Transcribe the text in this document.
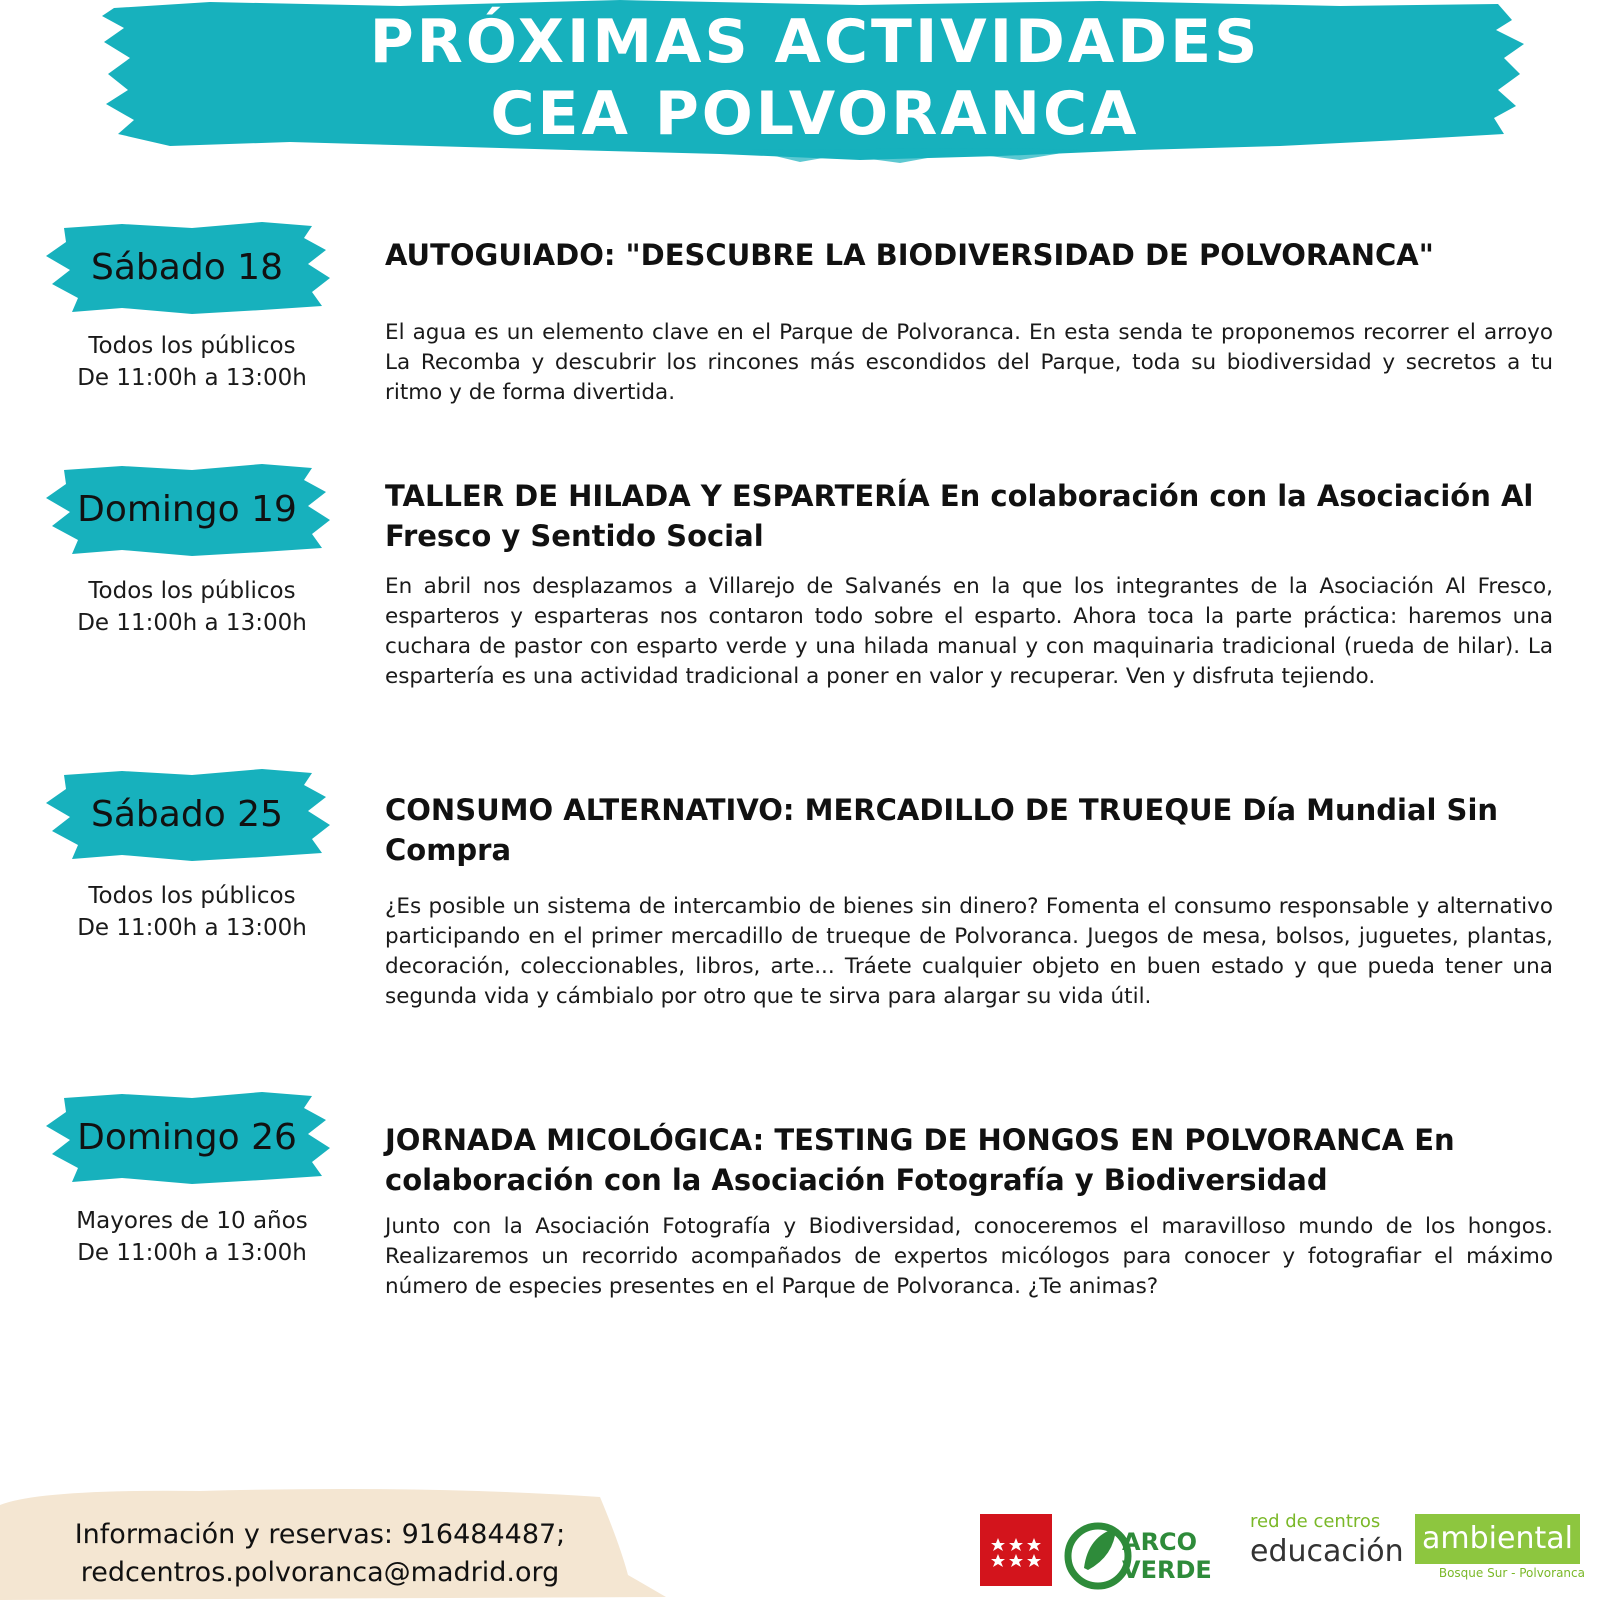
PRÓXIMAS ACTIVIDADES
CEA POLVORANCA
Sábado 18
Todos los públicos
De 11:00h a 13:00h
AUTOGUIADO: "DESCUBRE LA BIODIVERSIDAD DE POLVORANCA"

El agua es un elemento clave en el Parque de Polvoranca. En esta senda te proponemos recorrer el arroyo La Recomba y descubrir los rincones más escondidos del Parque, toda su biodiversidad y secretos a tu ritmo y de forma divertida.

Domingo 19
Todos los públicos
De 11:00h a 13:00h
TALLER DE HILADA Y ESPARTERÍA En colaboración con la Asociación Al Fresco y Sentido Social

En abril nos desplazamos a Villarejo de Salvanés en la que los integrantes de la Asociación Al Fresco, esparteros y esparteras nos contaron todo sobre el esparto. Ahora toca la parte práctica: haremos una cuchara de pastor con esparto verde y una hilada manual y con maquinaria tradicional (rueda de hilar). La espartería es una actividad tradicional a poner en valor y recuperar. Ven y disfruta tejiendo.

Sábado 25
Todos los públicos
De 11:00h a 13:00h
CONSUMO ALTERNATIVO: MERCADILLO DE TRUEQUE Día Mundial Sin Compra

¿Es posible un sistema de intercambio de bienes sin dinero? Fomenta el consumo responsable y alternativo participando en el primer mercadillo de trueque de Polvoranca. Juegos de mesa, bolsos, juguetes, plantas, decoración, coleccionables, libros, arte... Tráete cualquier objeto en buen estado y que pueda tener una segunda vida y cámbialo por otro que te sirva para alargar su vida útil.

Domingo 26
Mayores de 10 años
De 11:00h a 13:00h
JORNADA MICOLÓGICA: TESTING DE HONGOS EN POLVORANCA En colaboración con la Asociación Fotografía y Biodiversidad

Junto con la Asociación Fotografía y Biodiversidad, conoceremos el maravilloso mundo de los hongos. Realizaremos un recorrido acompañados de expertos micólogos para conocer y fotografiar el máximo número de especies presentes en el Parque de Polvoranca. ¿Te animas?

Información y reservas: 916484487;
redcentros.polvoranca@madrid.org
ARCO
VERDE
red de centros
educación ambiental
Bosque Sur - Polvoranca
